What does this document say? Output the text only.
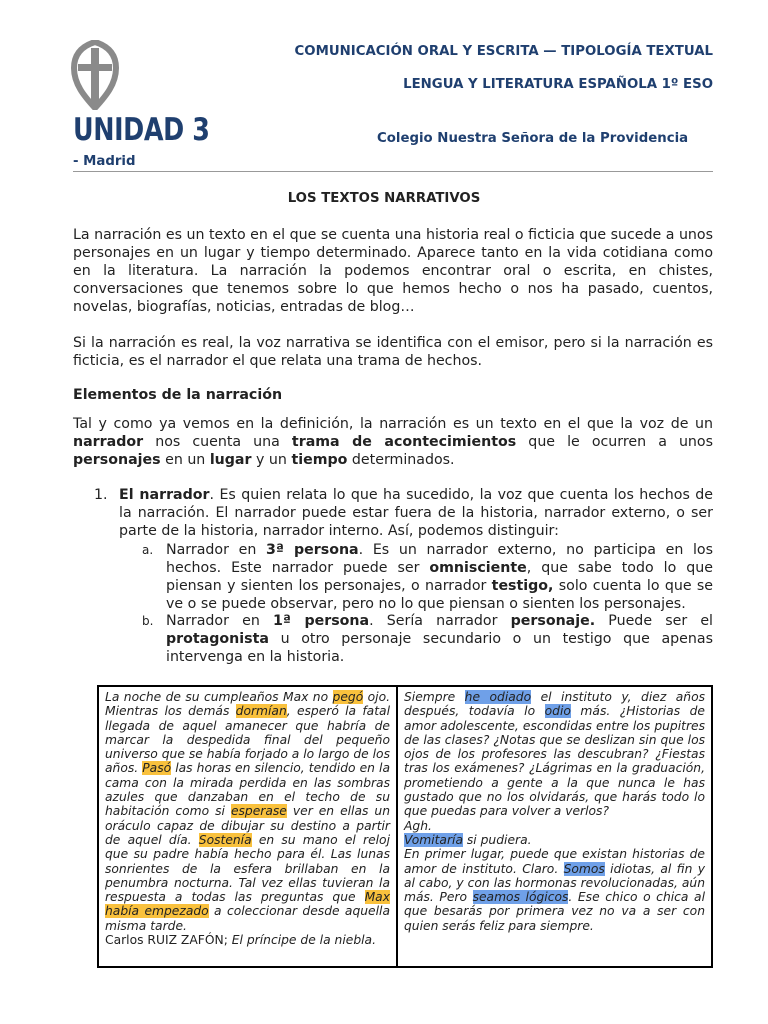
COMUNICACIÓN ORAL Y ESCRITA — TIPOLOGÍA TEXTUAL
LENGUA Y LITERATURA ESPAÑOLA 1º ESO
UNIDAD 3	Colegio Nuestra Señora de la Providencia
- Madrid
LOS TEXTOS NARRATIVOS
La narración es un texto en el que se cuenta una historia real o ficticia que sucede a unos personajes en un lugar y tiempo determinado. Aparece tanto en la vida cotidiana como en la literatura. La narración la podemos encontrar oral o escrita, en chistes, conversaciones que tenemos sobre lo que hemos hecho o nos ha pasado, cuentos, novelas, biografías, noticias, entradas de blog…
Si la narración es real, la voz narrativa se identifica con el emisor, pero si la narración es ficticia, es el narrador el que relata una trama de hechos.
Elementos de la narración
Tal y como ya vemos en la definición, la narración es un texto en el que la voz de un narrador nos cuenta una trama de acontecimientos que le ocurren a unos personajes en un lugar y un tiempo determinados.
1. El narrador. Es quien relata lo que ha sucedido, la voz que cuenta los hechos de la narración. El narrador puede estar fuera de la historia, narrador externo, o ser parte de la historia, narrador interno. Así, podemos distinguir:
a. Narrador en 3ª persona. Es un narrador externo, no participa en los hechos. Este narrador puede ser omnisciente, que sabe todo lo que piensan y sienten los personajes, o narrador testigo, solo cuenta lo que se ve o se puede observar, pero no lo que piensan o sienten los personajes.
b. Narrador en 1ª persona. Sería narrador personaje. Puede ser el protagonista u otro personaje secundario o un testigo que apenas intervenga en la historia.
La noche de su cumpleaños Max no pegó ojo. Mientras los demás dormían, esperó la fatal llegada de aquel amanecer que habría de marcar la despedida final del pequeño universo que se había forjado a lo largo de los años. Pasó las horas en silencio, tendido en la cama con la mirada perdida en las sombras azules que danzaban en el techo de su habitación como si esperase ver en ellas un oráculo capaz de dibujar su destino a partir de aquel día. Sostenía en su mano el reloj que su padre había hecho para él. Las lunas sonrientes de la esfera brillaban en la penumbra nocturna. Tal vez ellas tuvieran la respuesta a todas las preguntas que Max había empezado a coleccionar desde aquella misma tarde.
Carlos RUIZ ZAFÓN; El príncipe de la niebla.
Siempre he odiado el instituto y, diez años después, todavía lo odio más. ¿Historias de amor adolescente, escondidas entre los pupitres de las clases? ¿Notas que se deslizan sin que los ojos de los profesores las descubran? ¿Fiestas tras los exámenes? ¿Lágrimas en la graduación, prometiendo a gente a la que nunca le has gustado que no los olvidarás, que harás todo lo que puedas para volver a verlos?
Agh.
Vomitaría si pudiera.
En primer lugar, puede que existan historias de amor de instituto. Claro. Somos idiotas, al fin y al cabo, y con las hormonas revolucionadas, aún más. Pero seamos lógicos. Ese chico o chica al que besarás por primera vez no va a ser con quien serás feliz para siempre.
